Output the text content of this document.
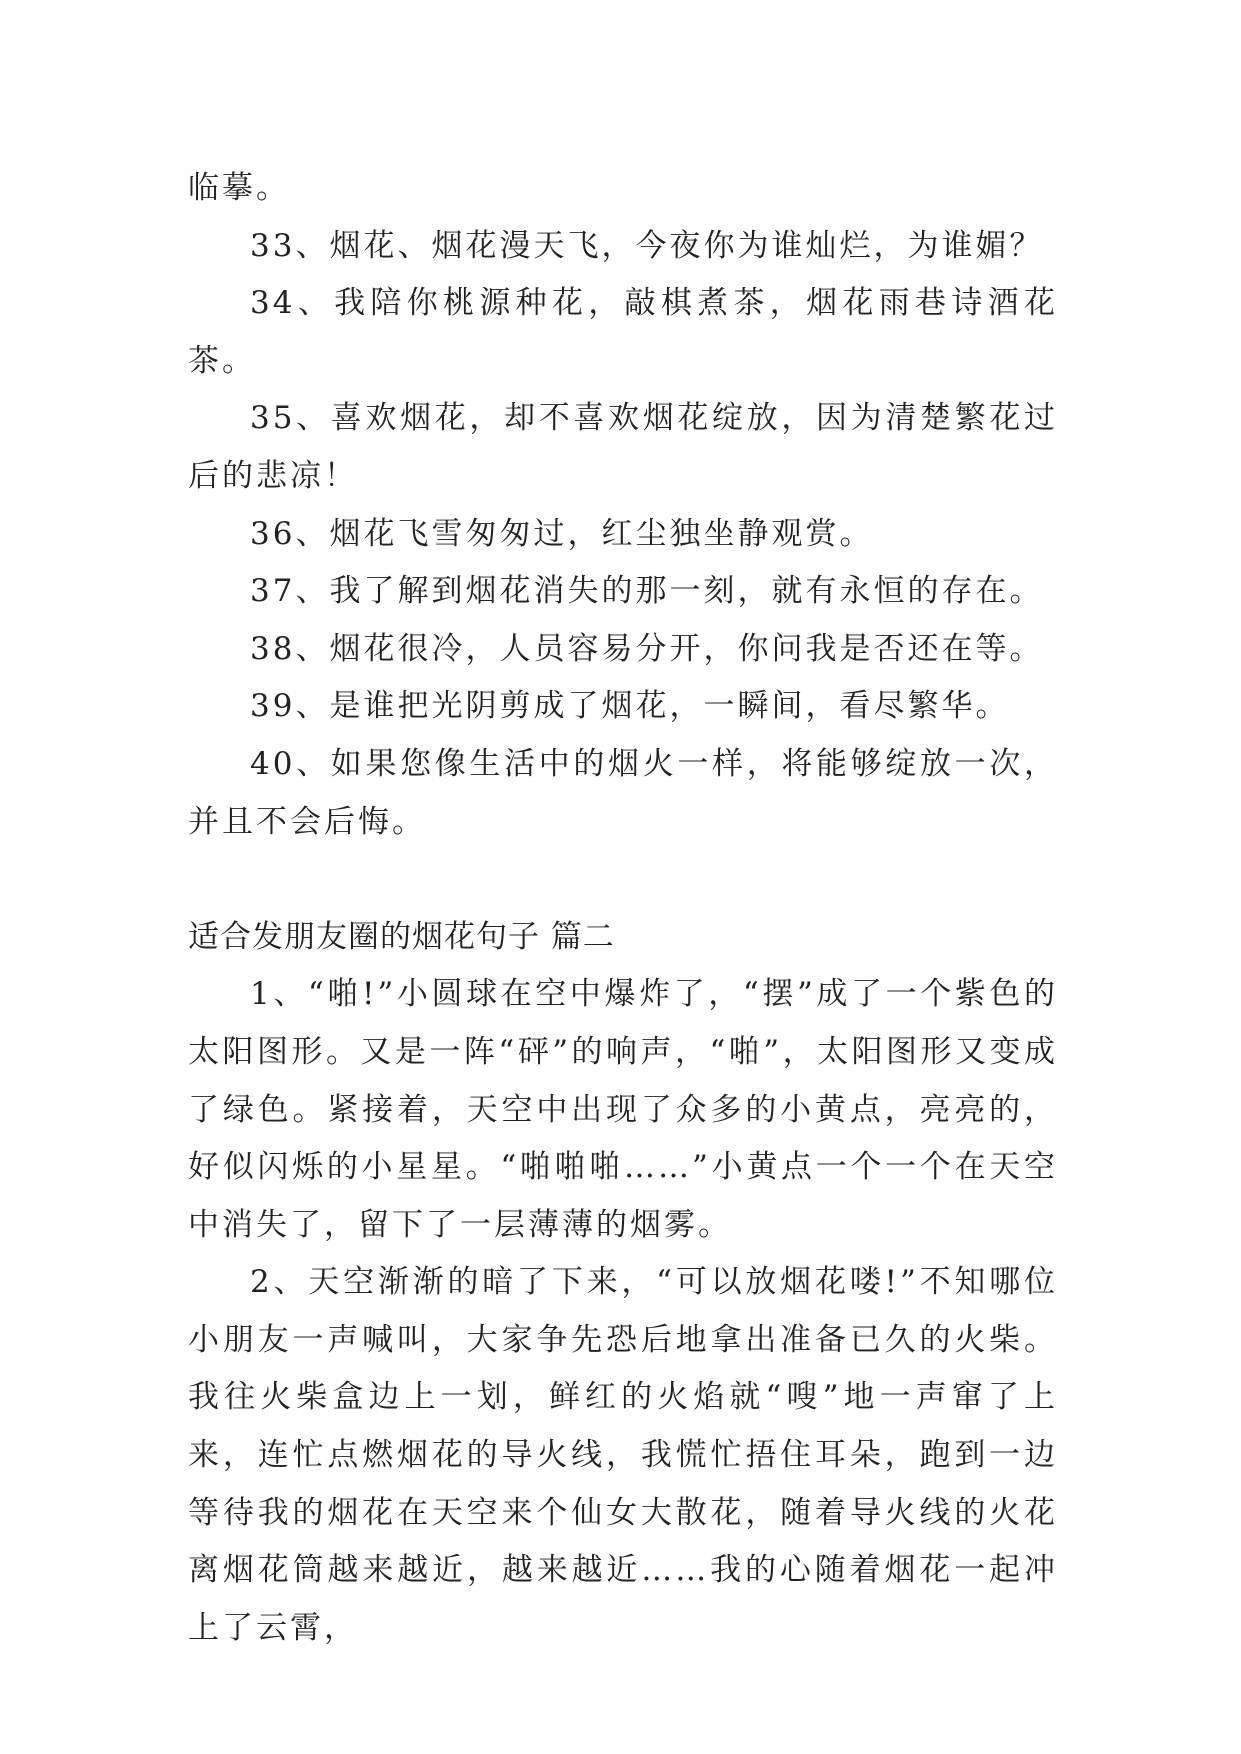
临摹。

33、烟花、烟花漫天飞，今夜你为谁灿烂，为谁媚？

34、我陪你桃源种花，敲棋煮茶，烟花雨巷诗酒花茶。

35、喜欢烟花，却不喜欢烟花绽放，因为清楚繁花过后的悲凉！

36、烟花飞雪匆匆过，红尘独坐静观赏。

37、我了解到烟花消失的那一刻，就有永恒的存在。

38、烟花很冷，人员容易分开，你问我是否还在等。

39、是谁把光阴剪成了烟花，一瞬间，看尽繁华。

40、如果您像生活中的烟火一样，将能够绽放一次，并且不会后悔。

适合发朋友圈的烟花句子 篇二

1、“啪!”小圆球在空中爆炸了，“摆”成了一个紫色的太阳图形。又是一阵“砰”的响声，“啪”，太阳图形又变成了绿色。紧接着，天空中出现了众多的小黄点，亮亮的，好似闪烁的小星星。“啪啪啪……”小黄点一个一个在天空中消失了，留下了一层薄薄的烟雾。

2、天空渐渐的暗了下来，“可以放烟花喽!”不知哪位小朋友一声喊叫，大家争先恐后地拿出准备已久的火柴。我往火柴盒边上一划，鲜红的火焰就“嗖”地一声窜了上来，连忙点燃烟花的导火线，我慌忙捂住耳朵，跑到一边等待我的烟花在天空来个仙女大散花，随着导火线的火花离烟花筒越来越近，越来越近……我的心随着烟花一起冲上了云霄，
